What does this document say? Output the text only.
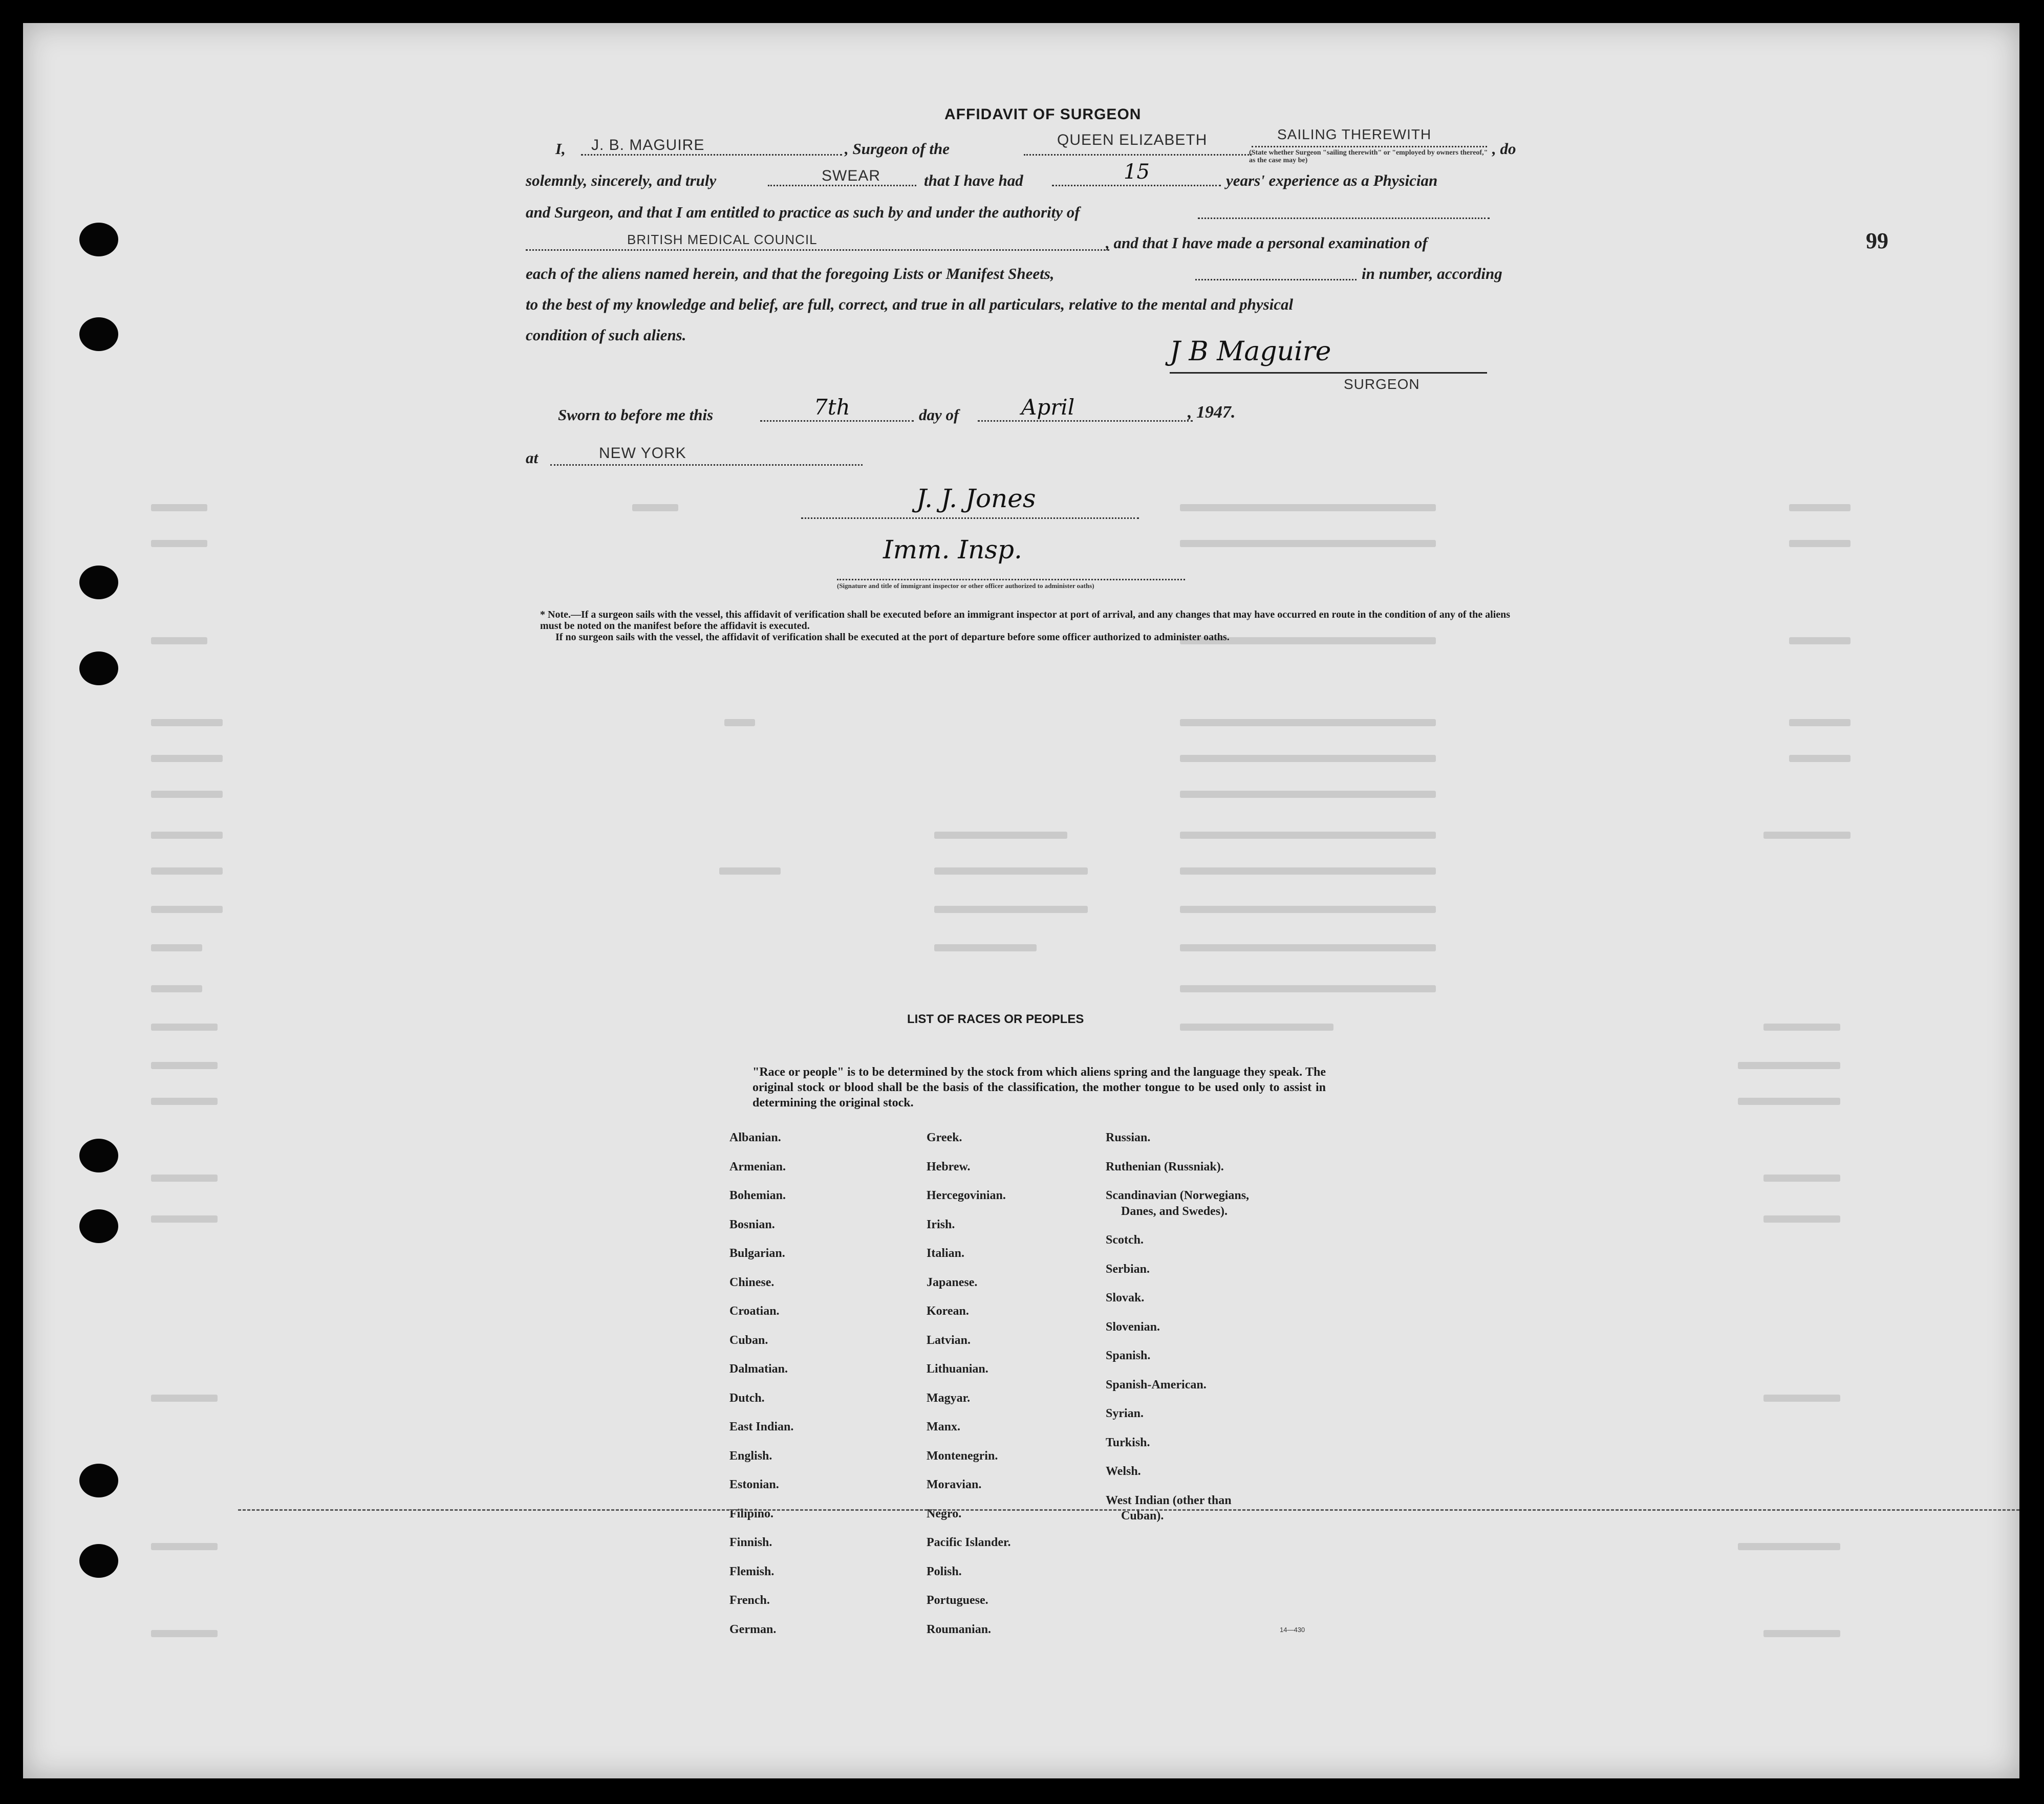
99
AFFIDAVIT OF SURGEON
I, J. B. MAGUIRE	, Surgeon of the	QUEEN ELIZABETH	SAILING THEREWITH
(State whether Surgeon "sailing therewith" or "employed by owners thereof," as the case may be)
, do
solemnly, sincerely, and truly	SWEAR	that I have had	15	years' experience as a Physician
and Surgeon, and that I am entitled to practice as such by and under the authority of
BRITISH MEDICAL COUNCIL	, and that I have made a personal examination of
each of the aliens named herein, and that the foregoing Lists or Manifest Sheets,	in number, according
to the best of my knowledge and belief, are full, correct, and true in all particulars, relative to the mental and physical
condition of such aliens.
J B Maguire
SURGEON
Sworn to before me this	7th	day of	April	, 1947.
at	NEW YORK
J. J. Jones
Imm. Insp.
(Signature and title of immigrant inspector or other officer authorized to administer oaths)

* Note.—If a surgeon sails with the vessel, this affidavit of verification shall be executed before an immigrant inspector at port of arrival, and any changes that may have occurred en route in the condition of any of the aliens must be noted on the manifest before the affidavit is executed.

If no surgeon sails with the vessel, the affidavit of verification shall be executed at the port of departure before some officer authorized to administer oaths.

LIST OF RACES OR PEOPLES
"Race or people" is to be determined by the stock from which aliens spring and the language they speak. The original stock or blood shall be the basis of the classification, the mother tongue to be used only to assist in determining the original stock.
Albanian.
Armenian.
Bohemian.
Bosnian.
Bulgarian.
Chinese.
Croatian.
Cuban.
Dalmatian.
Dutch.
East Indian.
English.
Estonian.
Filipino.
Finnish.
Flemish.
French.
German.
Greek.
Hebrew.
Hercegovinian.
Irish.
Italian.
Japanese.
Korean.
Latvian.
Lithuanian.
Magyar.
Manx.
Montenegrin.
Moravian.
Negro.
Pacific Islander.
Polish.
Portuguese.
Roumanian.
Russian.
Ruthenian (Russniak).
Scandinavian (Norwegians,
Danes, and Swedes).
Scotch.
Serbian.
Slovak.
Slovenian.
Spanish.
Spanish-American.
Syrian.
Turkish.
Welsh.
West Indian (other than
Cuban).
14—430
